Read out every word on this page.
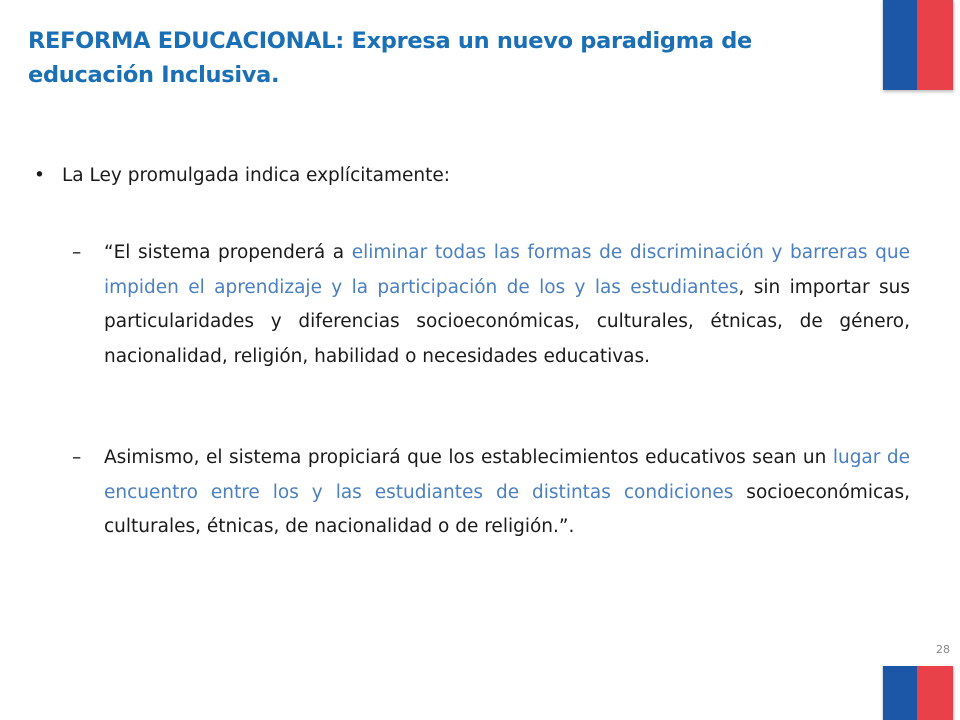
REFORMA EDUCACIONAL: Expresa un nuevo paradigma de educación Inclusiva.
• La Ley promulgada indica explícitamente:
– “El sistema propenderá a eliminar todas las formas de discriminación y barreras que impiden el aprendizaje y la participación de los y las estudiantes, sin importar sus particularidades y diferencias socioeconómicas, culturales, étnicas, de género, nacionalidad, religión, habilidad o necesidades educativas.
– Asimismo, el sistema propiciará que los establecimientos educativos sean un lugar de encuentro entre los y las estudiantes de distintas condiciones socioeconómicas, culturales, étnicas, de nacionalidad o de religión.”.
28
